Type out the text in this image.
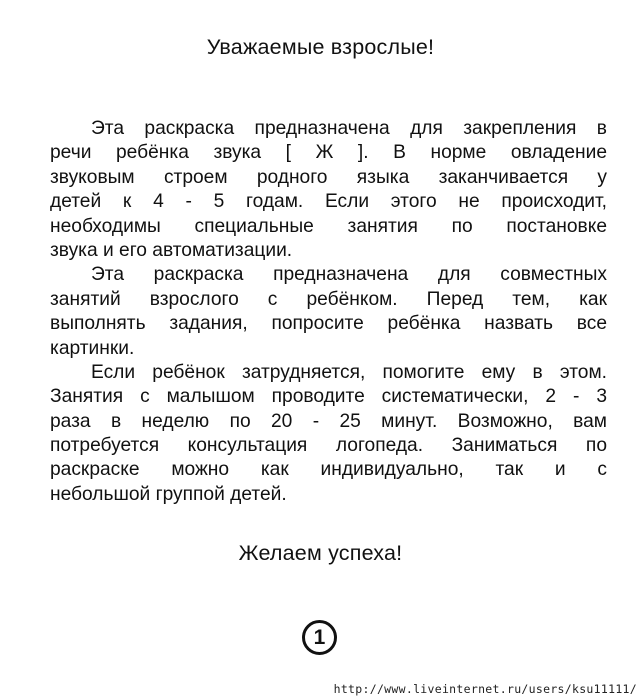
Уважаемые взрослые!

Эта раскраска предназначена для закрепления в
речи ребёнка звука [ Ж ]. В норме овладение
звуковым строем родного языка заканчивается у
детей к 4 - 5 годам. Если этого не происходит,
необходимы специальные занятия по постановке
звука и его автоматизации.

Эта раскраска предназначена для совместных
занятий взрослого с ребёнком. Перед тем, как
выполнять задания, попросите ребёнка назвать все
картинки.

Если ребёнок затрудняется, помогите ему в этом.
Занятия с малышом проводите систематически, 2 - 3
раза в неделю по 20 - 25 минут. Возможно, вам
потребуется консультация логопеда. Заниматься по
раскраске можно как индивидуально, так и с
небольшой группой детей.

Желаем успеха!
1
http://www.liveinternet.ru/users/ksu11111/
